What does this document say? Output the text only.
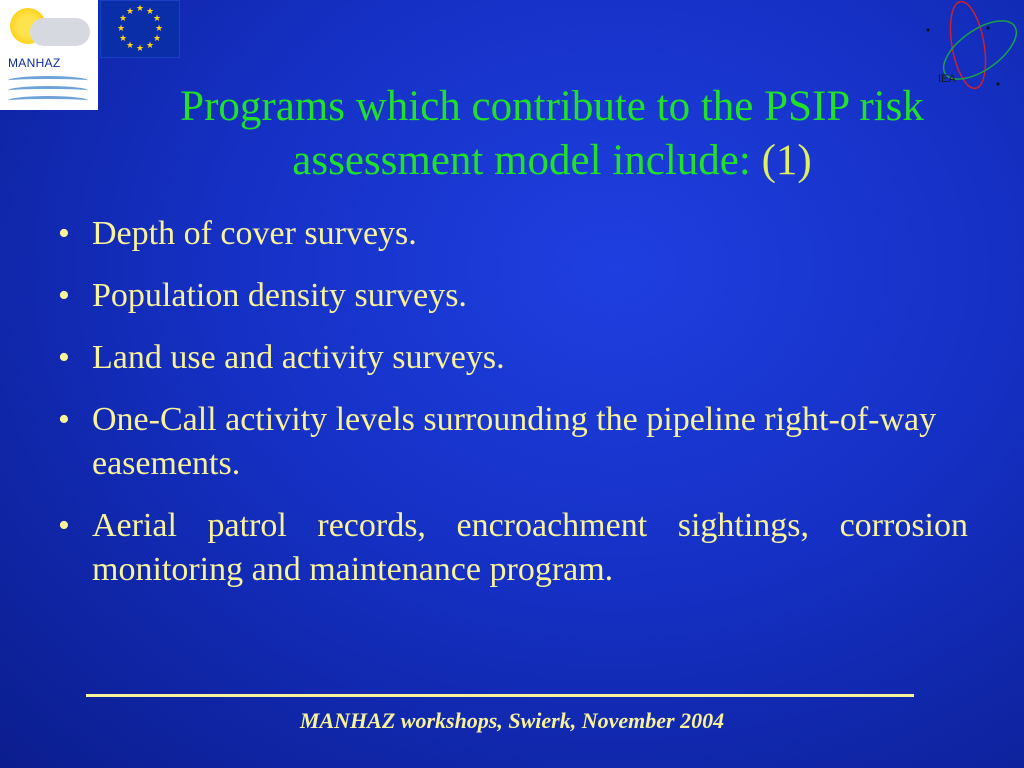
MANHAZ
★ ★
★
★
★
★
★
★
★
★
★
★
IEA
Programs which contribute to the PSIP risk assessment model include: (1)
• Depth of cover surveys.
• Population density surveys.
• Land use and activity surveys.
• One-Call activity levels surrounding the pipeline right-of-way easements.
• Aerial patrol records, encroachment sightings, corrosion monitoring and maintenance program.
MANHAZ workshops, Swierk, November 2004
